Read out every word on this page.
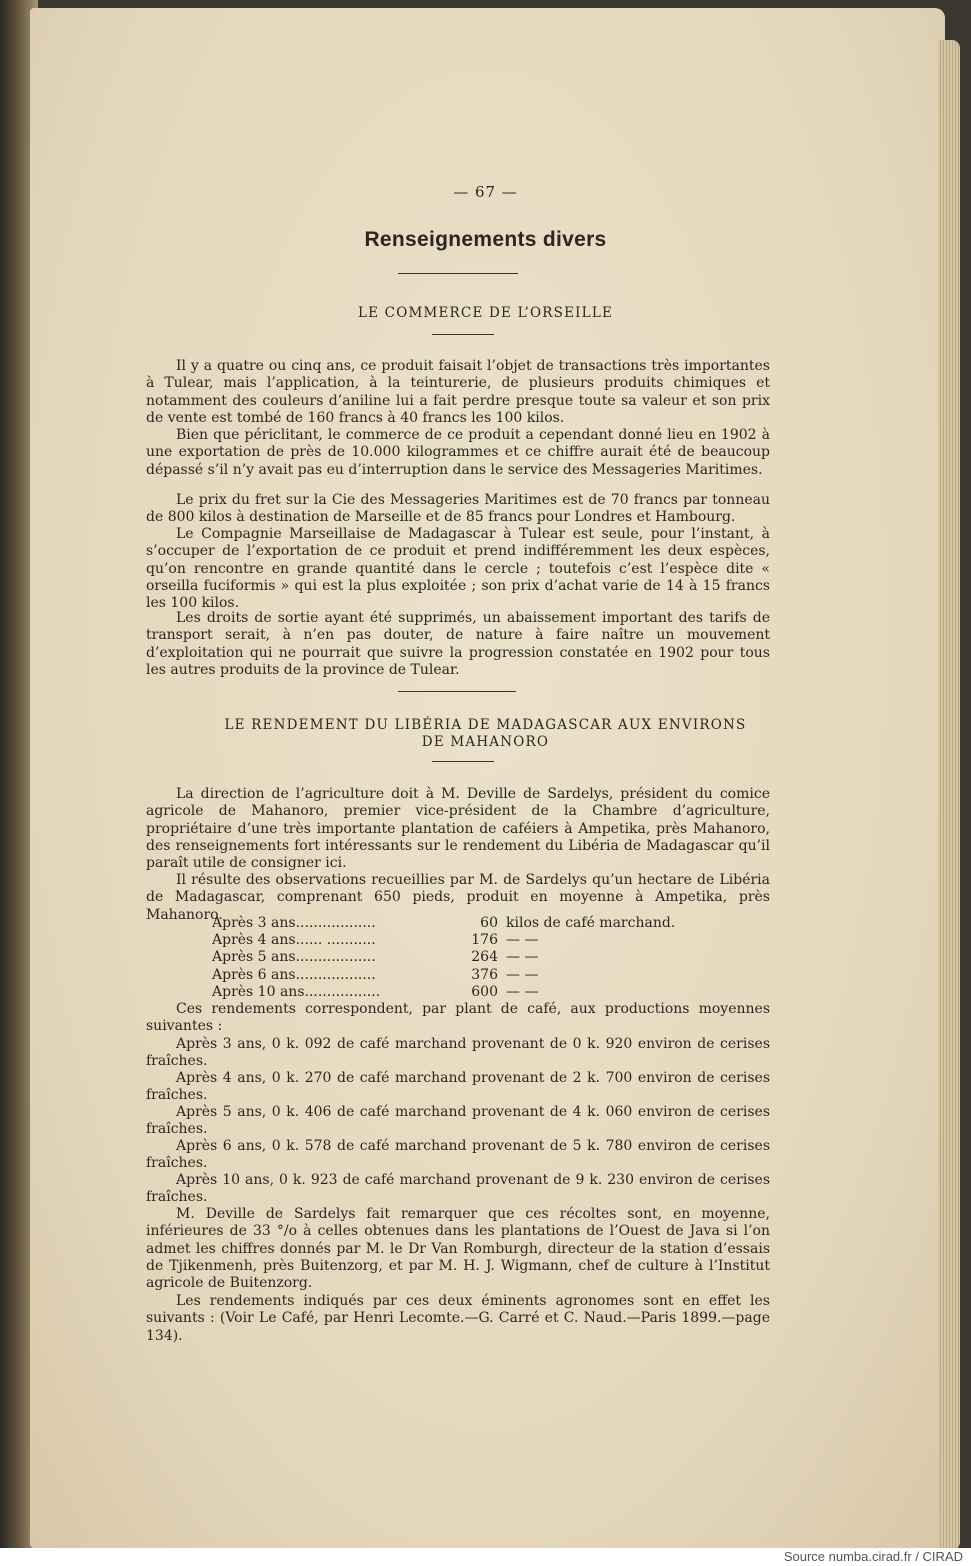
— 67 —
Renseignements divers
LE COMMERCE DE L’ORSEILLE

Il y a quatre ou cinq ans, ce produit faisait l’objet de transactions très importantes à Tulear, mais l’application, à la teinturerie, de plusieurs produits chimiques et notamment des couleurs d’aniline lui a fait perdre presque toute sa valeur et son prix de vente est tombé de 160 francs à 40 francs les 100 kilos.

Bien que périclitant, le commerce de ce produit a cependant donné lieu en 1902 à une exportation de près de 10.000 kilogrammes et ce chiffre aurait été de beaucoup dépassé s’il n’y avait pas eu d’interruption dans le service des Messageries Maritimes.

Le prix du fret sur la Cie des Messageries Maritimes est de 70 francs par tonneau de 800 kilos à destination de Marseille et de 85 francs pour Londres et Hambourg.

Le Compagnie Marseillaise de Madagascar à Tulear est seule, pour l’instant, à s’occuper de l’exportation de ce produit et prend indifféremment les deux espèces, qu’on rencontre en grande quantité dans le cercle ; toutefois c’est l’espèce dite « orseilla fuciformis » qui est la plus exploitée ; son prix d’achat varie de 14 à 15 francs les 100 kilos.

Les droits de sortie ayant été supprimés, un abaissement important des tarifs de transport serait, à n’en pas douter, de nature à faire naître un mouvement d’exploitation qui ne pourrait que suivre la progression constatée en 1902 pour tous les autres produits de la province de Tulear.

LE RENDEMENT DU LIBÉRIA DE MADAGASCAR AUX ENVIRONS
DE MAHANORO

La direction de l’agriculture doit à M. Deville de Sardelys, président du comice agricole de Mahanoro, premier vice-président de la Chambre d’agriculture, propriétaire d’une très importante plantation de caféiers à Ampetika, près Mahanoro, des renseignements fort intéressants sur le rendement du Libéria de Madagascar qu’il paraît utile de consigner ici.

Il résulte des observations recueillies par M. de Sardelys qu’un hectare de Libéria de Madagascar, comprenant 650 pieds, produit en moyenne à Ampetika, près Mahanoro.

Après 3 ans..................	60 kilos de café marchand.
Après 4 ans...... ...........	176 — —
Après 5 ans..................	264 — —
Après 6 ans..................	376 — —
Après 10 ans.................	600 — —

Ces rendements correspondent, par plant de café, aux productions moyennes suivantes :

Après 3 ans, 0 k. 092 de café marchand provenant de 0 k. 920 environ de cerises fraîches.

Après 4 ans, 0 k. 270 de café marchand provenant de 2 k. 700 environ de cerises fraîches.

Après 5 ans, 0 k. 406 de café marchand provenant de 4 k. 060 environ de cerises fraîches.

Après 6 ans, 0 k. 578 de café marchand provenant de 5 k. 780 environ de cerises fraîches.

Après 10 ans, 0 k. 923 de café marchand provenant de 9 k. 230 environ de cerises fraîches.

M. Deville de Sardelys fait remarquer que ces récoltes sont, en moyenne, inférieures de 33 °/o à celles obtenues dans les plantations de l’Ouest de Java si l’on admet les chiffres donnés par M. le Dr Van Romburgh, directeur de la station d’essais de Tjikenmenh, près Buitenzorg, et par M. H. J. Wigmann, chef de culture à l’Institut agricole de Buitenzorg.

Les rendements indiqués par ces deux éminents agronomes sont en effet les suivants : (Voir Le Café, par Henri Lecomte.—G. Carré et C. Naud.—Paris 1899.—page 134).

Source numba.cirad.fr / CIRAD
